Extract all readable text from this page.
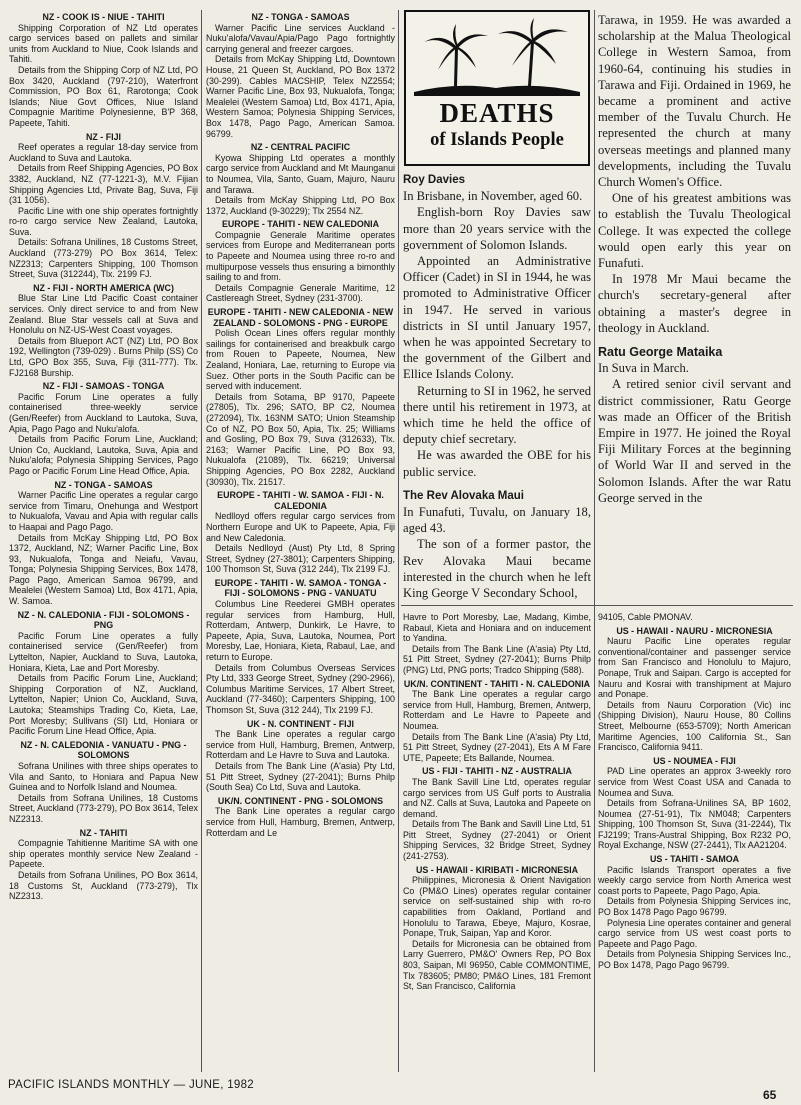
NZ - COOK IS - NIUE - TAHITI

Shipping Corporation of NZ Ltd operates cargo services based on pallets and similar units from Auckland to Niue, Cook Islands and Tahiti.

Details from the Shipping Corp of NZ Ltd, PO Box 3420, Auckland (797-210), Waterfront Commission, PO Box 61, Rarotonga; Cook Islands; Niue Govt Offices, Niue Island Compagnie Maritime Polynesienne, B'P 368, Papeete, Tahiti.

NZ - FIJI

Reef operates a regular 18-day service from Auckland to Suva and Lautoka.

Details from Reef Shipping Agencies, PO Box 3382, Auckland, NZ (77-1221-3), M.V. Fijian Shipping Agencies Ltd, Private Bag, Suva, Fiji (31 1056).

Pacific Line with one ship operates fortnightly ro-ro cargo service New Zealand, Lautoka, Suva.

Details: Sofrana Unilines, 18 Customs Street, Auckland (773-279) PO Box 3614, Telex: NZ2313; Carpenters Shipping, 100 Thomson Street, Suva (312244), Tlx. 2199 FJ.

NZ - FIJI - NORTH AMERICA (WC)

Blue Star Line Ltd Pacific Coast container services. Only direct service to and from New Zealand. Blue Star vessels call at Suva and Honolulu on NZ-US-West Coast voyages.

Details from Blueport ACT (NZ) Ltd, PO Box 192, Wellington (739-029) . Burns Philp (SS) Co Ltd, GPO Box 355, Suva, Fiji (311-777). Tlx. FJ2168 Burship.

NZ - FIJI - SAMOAS - TONGA

Pacific Forum Line operates a fully containerised three-weekly service (Gen/Reefer) from Auckland to Lautoka, Suva, Apia, Pago Pago and Nuku'alofa.

Details from Pacific Forum Line, Auckland; Union Co, Auckland, Lautoka, Suva, Apia and Nuku'alofa; Polynesia Shipping Services, Pago Pago or Pacific Forum Line Head Office, Apia.

NZ - TONGA - SAMOAS

Warner Pacific Line operates a regular cargo service from Timaru, Onehunga and Westport to Nukualofa, Vavau and Apia with regular calls to Haapai and Pago Pago.

Details from McKay Shipping Ltd, PO Box 1372, Auckland, NZ; Warner Pacific Line, Box 93, Nukualofa, Tonga and Neiafu, Vavau, Tonga; Polynesia Shipping Services, Box 1478, Pago Pago, American Samoa 96799, and Mealelei (Western Samoa) Ltd, Box 4171, Apia, W. Samoa.

NZ - N. CALEDONIA - FIJI - SOLOMONS - PNG

Pacific Forum Line operates a fully containerised service (Gen/Reefer) from Lyttelton, Napier, Auckland to Suva, Lautoka, Honiara, Kieta, Lae and Port Moresby.

Details from Pacific Forum Line, Auckland; Shipping Corporation of NZ, Auckland, Lyttelton, Napier; Union Co, Auckland, Suva, Lautoka; Steamships Trading Co, Kieta, Lae, Port Moresby; Sullivans (SI) Ltd, Honiara or Pacific Forum Line Head Office, Apia.

NZ - N. CALEDONIA - VANUATU - PNG - SOLOMONS

Sofrana Unilines with three ships operates to Vila and Santo, to Honiara and Papua New Guinea and to Norfolk Island and Noumea.

Details from Sofrana Unilines, 18 Customs Street, Auckland (773-279), PO Box 3614, Telex NZ2313.

NZ - TAHITI

Compagnie Tahitienne Maritime SA with one ship operates monthly service New Zealand - Papeete.

Details from Sofrana Unilines, PO Box 3614, 18 Customs St, Auckland (773-279), Tlx NZ2313.

NZ - TONGA - SAMOAS

Warner Pacific Line services Auckland - Nuku'alofa/Vavau/Apia/Pago Pago fortnightly carrying general and freezer cargoes.

Details from McKay Shipping Ltd, Downtown House, 21 Queen St, Auckland, PO Box 1372 (30-299). Cables MACSHIP, Telex NZ2554; Warner Pacific Line, Box 93, Nukualofa, Tonga; Mealelei (Western Samoa) Ltd, Box 4171, Apia, Western Samoa; Polynesia Shipping Services, Box 1478, Pago Pago, American Samoa. 96799.

NZ - CENTRAL PACIFIC

Kyowa Shipping Ltd operates a monthly cargo service from Auckland and Mt Maunganui to Noumea, Vila, Santo, Guam, Majuro, Nauru and Tarawa.

Details from McKay Shipping Ltd, PO Box 1372, Auckland (9-30229); Tlx 2554 NZ.

EUROPE - TAHITI - NEW CALEDONIA

Compagnie Generale Maritime operates services from Europe and Mediterranean ports to Papeete and Noumea using three ro-ro and multipurpose vessels thus ensuring a bimonthly sailing to and from.

Details Compagnie Generale Maritime, 12 Castlereagh Street, Sydney (231-3700).

EUROPE - TAHITI - NEW CALEDONIA - NEW ZEALAND - SOLOMONS - PNG - EUROPE

Polish Ocean Lines offers regular monthly sailings for containerised and breakbulk cargo from Rouen to Papeete, Noumea, New Zealand, Honiara, Lae, returning to Europe via Suez. Other ports in the South Pacific can be served with inducement.

Details from Sotama, BP 9170, Papeete (27805), Tlx. 296; SATO, BP C2, Noumea (272094), Tlx. 163NM SATO; Union Steamship Co of NZ, PO Box 50, Apia, Tlx. 25; Williams and Gosling, PO Box 79, Suva (312633), Tlx. 2163; Warner Pacific Line, PO Box 93, Nukualofa (21089), Tlx. 66219; Universal Shipping Agencies, PO Box 2282, Auckland (30930), Tlx. 21517.

EUROPE - TAHITI - W. SAMOA - FIJI - N. CALEDONIA

Nedlloyd offers regular cargo services from Northern Europe and UK to Papeete, Apia, Fiji and New Caledonia.

Details Nedlloyd (Aust) Pty Ltd, 8 Spring Street, Sydney (27-3801); Carpenters Shipping, 100 Thomson St, Suva (312 244), Tlx 2199 FJ.

EUROPE - TAHITI - W. SAMOA - TONGA - FIJI - SOLOMONS - PNG - VANUATU

Columbus Line Reederei GMBH operates regular services from Hamburg, Hull, Rotterdam, Antwerp, Dunkirk, Le Havre, to Papeete, Apia, Suva, Lautoka, Noumea, Port Moresby, Lae, Honiara, Kieta, Rabaul, Lae, and return to Europe.

Details from Columbus Overseas Services Pty Ltd, 333 George Street, Sydney (290-2966), Columbus Maritime Services, 17 Albert Street, Auckland (77-3460); Carpenters Shipping, 100 Thomson St, Suva (312 244), Tlx 2199 FJ.

UK - N. CONTINENT - FIJI

The Bank Line operates a regular cargo service from Hull, Hamburg, Bremen, Antwerp, Rotterdam and Le Havre to Suva and Lautoka.

Details from The Bank Line (A'asia) Pty Ltd, 51 Pitt Street, Sydney (27-2041); Burns Philp (South Sea) Co Ltd, Suva and Lautoka.

UK/N. CONTINENT - PNG - SOLOMONS

The Bank Line operates a regular cargo service from Hull, Hamburg, Bremen, Antwerp, Rotterdam and Le

DEATHS
of Islands People
Roy Davies

In Brisbane, in November, aged 60.

English-born Roy Davies saw more than 20 years service with the government of Solomon Islands.

Appointed an Administrative Officer (Cadet) in SI in 1944, he was promoted to Administrative Officer in 1947. He served in various districts in SI until January 1957, when he was appointed Secretary to the government of the Gilbert and Ellice Islands Colony.

Returning to SI in 1962, he served there until his retirement in 1973, at which time he held the office of deputy chief secretary.

He was awarded the OBE for his public service.

The Rev Alovaka Maui

In Funafuti, Tuvalu, on January 18, aged 43.

The son of a former pastor, the Rev Alovaka Maui became interested in the church when he left King George V Secondary School,

Tarawa, in 1959. He was awarded a scholarship at the Malua Theological College in Western Samoa, from 1960-64, continuing his studies in Tarawa and Fiji. Ordained in 1969, he became a prominent and active member of the Tuvalu Church. He represented the church at many overseas meetings and planned many developments, including the Tuvalu Church Women's Office.

One of his greatest ambitions was to establish the Tuvalu Theological College. It was expected the college would open early this year on Funafuti.

In 1978 Mr Maui became the church's secretary-general after obtaining a master's degree in theology in Auckland.

Ratu George Mataika

In Suva in March.

A retired senior civil servant and district commissioner, Ratu George was made an Officer of the British Empire in 1977. He joined the Royal Fiji Military Forces at the beginning of World War II and served in the Solomon Islands. After the war Ratu George served in the

Havre to Port Moresby, Lae, Madang, Kimbe, Rabaul, Kieta and Honiara and on inducement to Yandina.

Details from The Bank Line (A'asia) Pty Ltd, 51 Pitt Street, Sydney (27-2041); Burns Philp (PNG) Ltd, PNG ports; Tradco Shipping (588).

UK/N. CONTINENT - TAHITI - N. CALEDONIA

The Bank Line operates a regular cargo service from Hull, Hamburg, Bremen, Antwerp, Rotterdam and Le Havre to Papeete and Noumea.

Details from The Bank Line (A'asia) Pty Ltd, 51 Pitt Street, Sydney (27-2041), Ets A M Fare UTE, Papeete; Ets Ballande, Noumea.

US - FIJI - TAHITI - NZ - AUSTRALIA

The Bank Savill Line Ltd, operates regular cargo services from US Gulf ports to Australia and NZ. Calls at Suva, Lautoka and Papeete on demand.

Details from The Bank and Savill Line Ltd, 51 Pitt Street, Sydney (27-2041) or Orient Shipping Services, 32 Bridge Street, Sydney (241-2753).

US - HAWAII - KIRIBATI - MICRONESIA

Philippines, Micronesia & Orient Navigation Co (PM&O Lines) operates regular container service on self-sustained ship with ro-ro capabilities from Oakland, Portland and Honolulu to Tarawa, Ebeye, Majuro, Kosrae, Ponape, Truk, Saipan, Yap and Koror.

Details for Micronesia can be obtained from Larry Guerrero, PM&O' Owners Rep, PO Box 803, Saipan, MI 96950, Cable COMMONTIME, Tlx 783605; PM80; PM&O Lines, 181 Fremont St, San Francisco, California

94105, Cable PMONAV.

US - HAWAII - NAURU - MICRONESIA

Nauru Pacific Line operates regular conventional/container and passenger service from San Francisco and Honolulu to Majuro, Ponape, Truk and Saipan. Cargo is accepted for Nauru and Kosrai with transhipment at Majuro and Ponape.

Details from Nauru Corporation (Vic) inc (Shipping Division), Nauru House, 80 Collins Street, Melbourne (653-5709); North American Maritime Agencies, 100 California St., San Francisco, California 9411.

US - NOUMEA - FIJI

PAD Line operates an approx 3-weekly roro service from West Coast USA and Canada to Noumea and Suva.

Details from Sofrana-Unilines SA, BP 1602, Noumea (27-51-91), Tlx NM048; Carpenters Shipping, 100 Thomson St, Suva (31-2244), Tlx FJ2199; Trans-Austral Shipping, Box R232 PO, Royal Exchange, NSW (27-2441), Tlx AA21204.

US - TAHITI - SAMOA

Pacific Islands Transport operates a five weekly cargo service from North America west coast ports to Papeete, Pago Pago, Apia.

Details from Polynesia Shipping Services inc, PO Box 1478 Pago Pago 96799.

Polynesia Line operates container and general cargo service from US west coast ports to Papeete and Pago Pago.

Details from Polynesia Shipping Services Inc., PO Box 1478, Pago Pago 96799.

PACIFIC ISLANDS MONTHLY — JUNE, 1982
65
